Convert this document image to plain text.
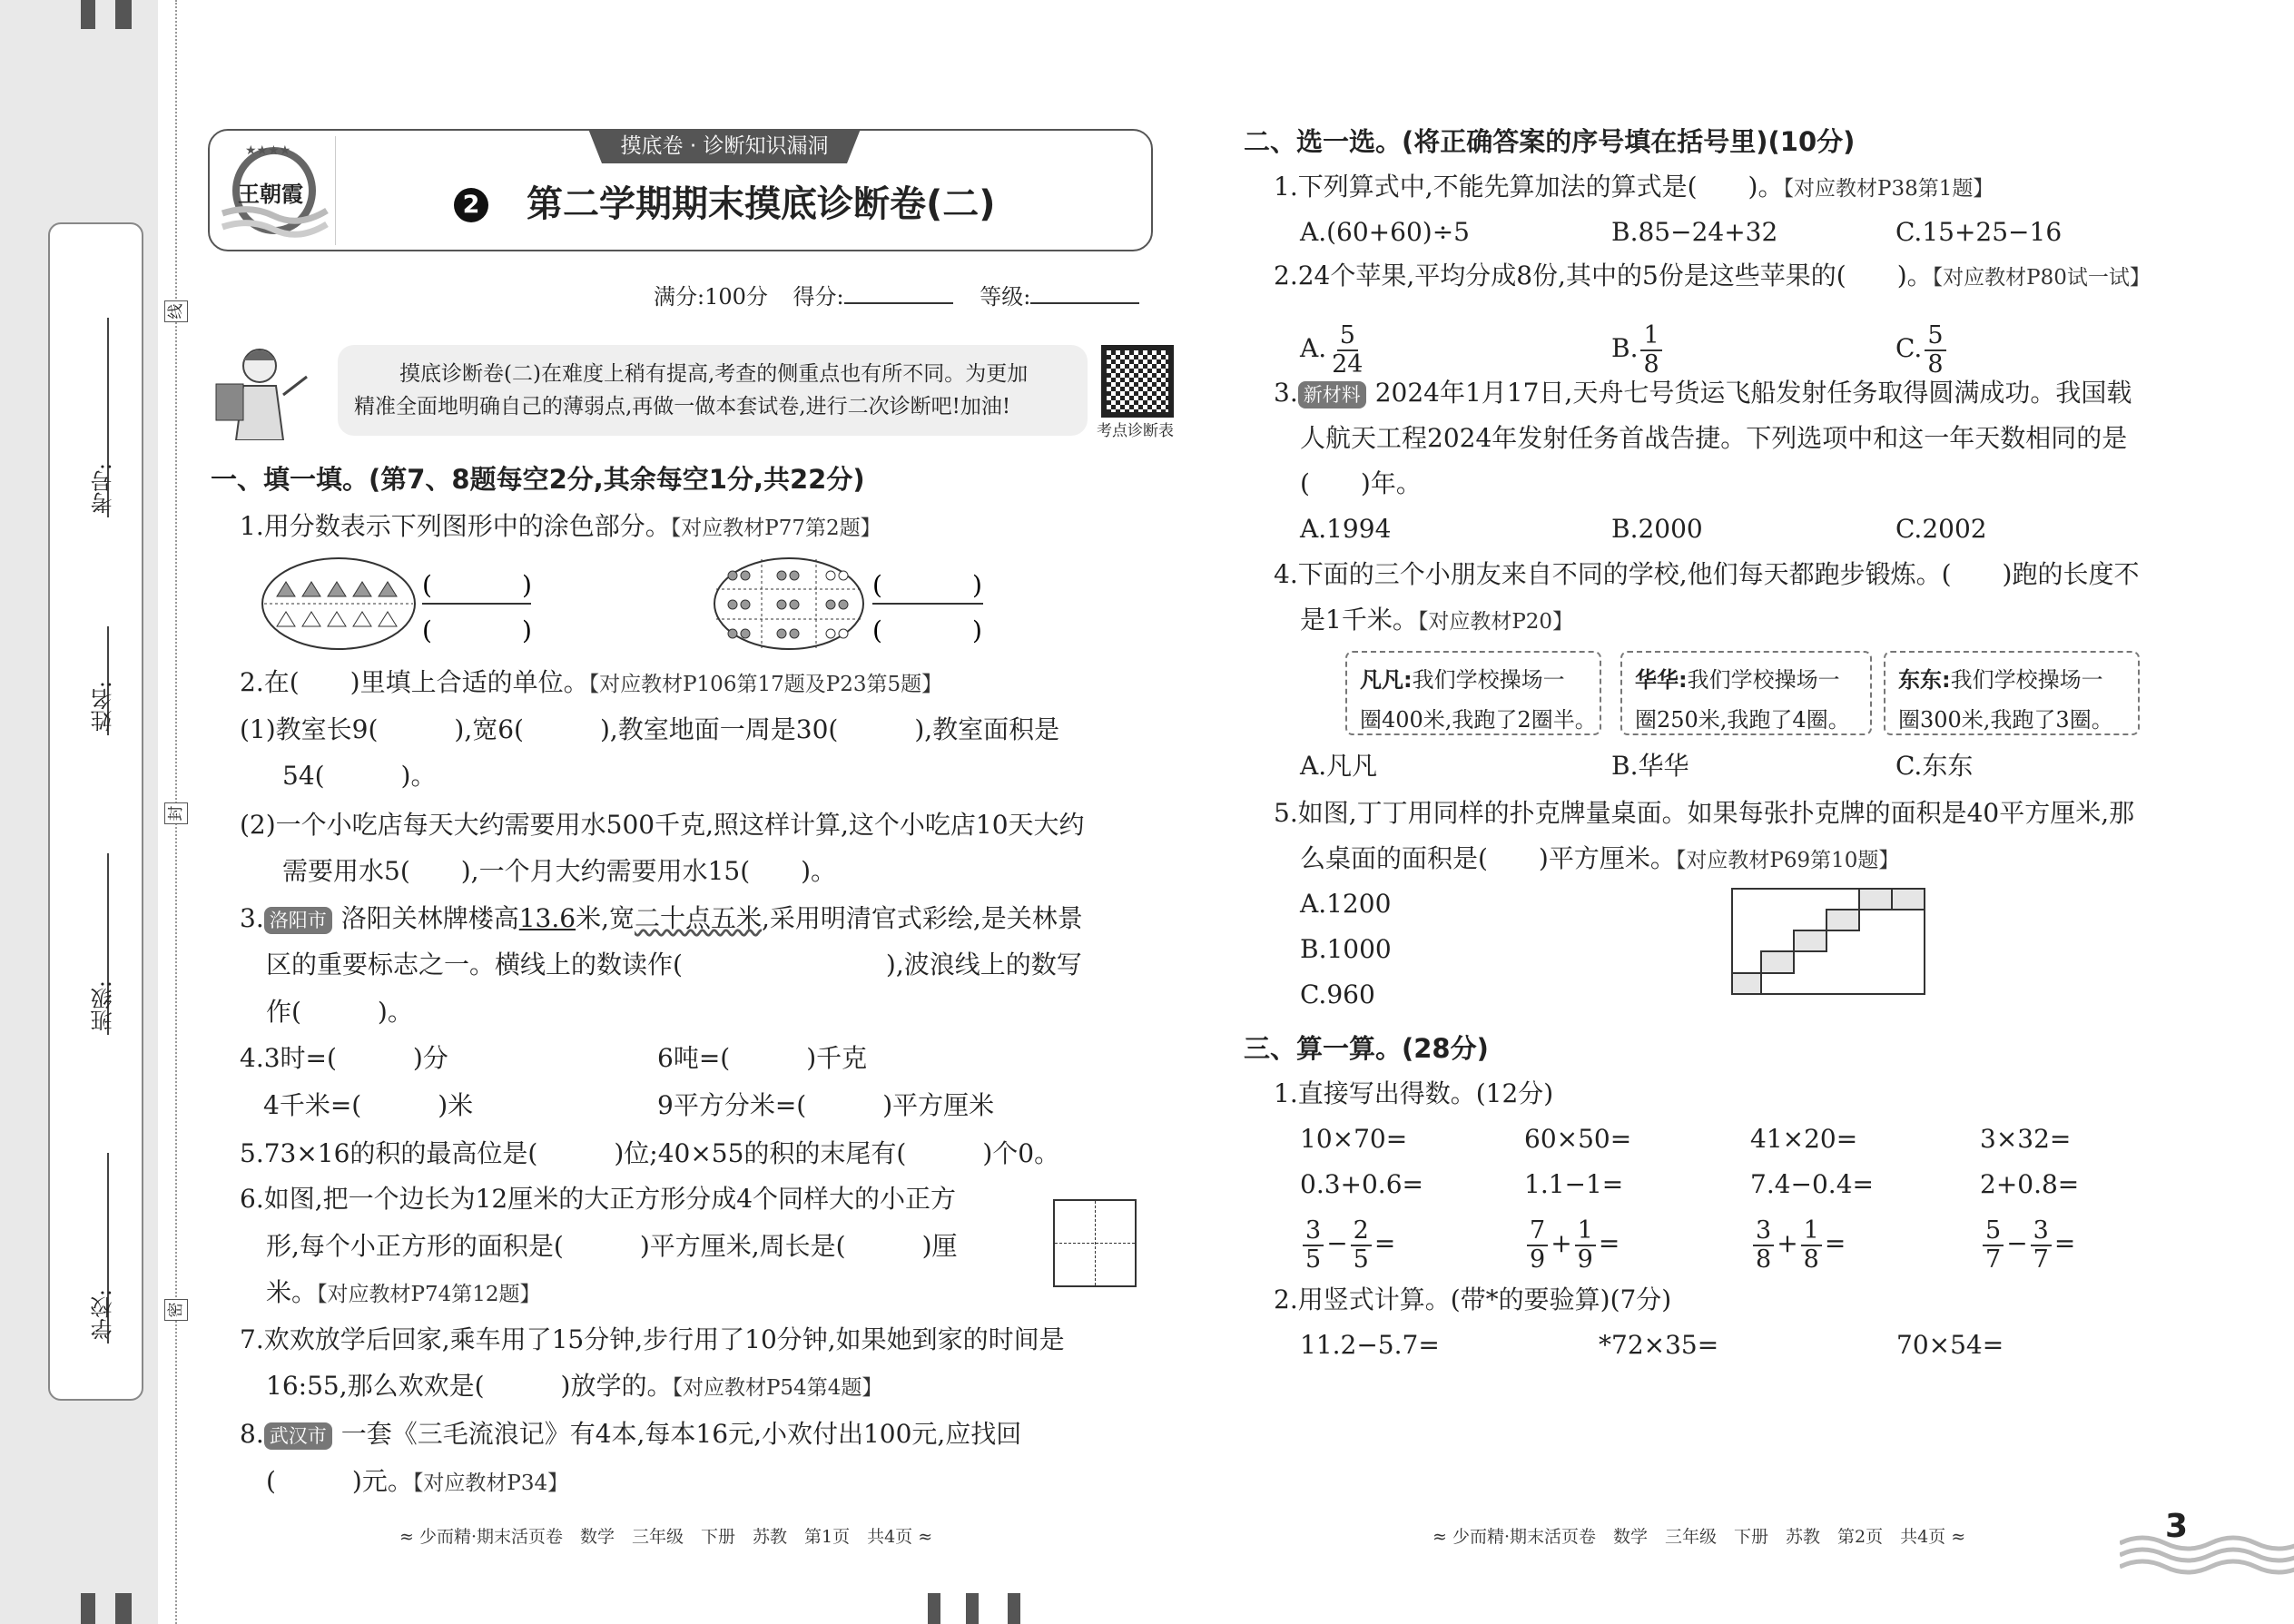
考号:
姓名:
班级:
学校:
线
封
密
★★★★
王朝霞
摸底卷 · 诊断知识漏洞
2 第二学期期末摸底诊断卷(二)
满分:100分 得分:	等级:
摸底诊断卷(二)在难度上稍有提高,考查的侧重点也有所不同。为更加
精准全面地明确自己的薄弱点,再做一做本套试卷,进行二次诊断吧!加油!
考点诊断表
一、填一填。(第7、8题每空2分,其余每空1分,共22分)
1.用分数表示下列图形中的涂色部分。【对应教材P77第2题】
(	)
(	)
(	)
(	)
2.在(　　)里填上合适的单位。【对应教材P106第17题及P23第5题】
(1)教室长9(　　　),宽6(　　　),教室地面一周是30(　　　),教室面积是
54(　　　)。
(2)一个小吃店每天大约需要用水500千克,照这样计算,这个小吃店10天大约
需要用水5(　　),一个月大约需要用水15(　　)。
3. 洛阳市 洛阳关林牌楼高13.6米,宽二十点五米,采用明清官式彩绘,是关林景
区的重要标志之一。横线上的数读作(　　　　　　　　),波浪线上的数写
作(　　　)。
4.3时=(　　　)分	6吨=(　　　)千克
4千米=(　　　)米	9平方分米=(　　　)平方厘米
5.73×16的积的最高位是(　　　)位;40×55的积的末尾有(　　　)个0。
6.如图,把一个边长为12厘米的大正方形分成4个同样大的小正方
形,每个小正方形的面积是(　　　)平方厘米,周长是(　　　)厘
米。【对应教材P74第12题】
7.欢欢放学后回家,乘车用了15分钟,步行用了10分钟,如果她到家的时间是
16:55,那么欢欢是(　　　)放学的。【对应教材P54第4题】
8. 武汉市 一套《三毛流浪记》有4本,每本16元,小欢付出100元,应找回
(　　　)元。【对应教材P34】
二、选一选。(将正确答案的序号填在括号里)(10分)
1.下列算式中,不能先算加法的算式是(　　)。【对应教材P38第1题】
A.(60+60)÷5	B.85−24+32	C.15+25−16
2.24个苹果,平均分成8份,其中的5份是这些苹果的(　　)。【对应教材P80试一试】
A. $\frac{5}{24}$	B. $\frac{1}{8}$	C. $\frac{5}{8}$
3. 新材料 2024年1月17日,天舟七号货运飞船发射任务取得圆满成功。我国载
人航天工程2024年发射任务首战告捷。下列选项中和这一年天数相同的是
(　　)年。
A.1994	B.2000	C.2002
4.下面的三个小朋友来自不同的学校,他们每天都跑步锻炼。(　　)跑的长度不
是1千米。【对应教材P20】
凡凡:我们学校操场一
圈400米,我跑了2圈半。
华华:我们学校操场一
圈250米,我跑了4圈。
东东:我们学校操场一
圈300米,我跑了3圈。
A.凡凡	B.华华	C.东东
5.如图,丁丁用同样的扑克牌量桌面。如果每张扑克牌的面积是40平方厘米,那
么桌面的面积是(　　)平方厘米。【对应教材P69第10题】
A.1200
B.1000
C.960
三、算一算。(28分)
1.直接写出得数。(12分)
10×70=	60×50=	41×20=	3×32=
0.3+0.6=	1.1−1=	7.4−0.4=	2+0.8=
$\frac{3}{5} - \frac{2}{5}$ =	$\frac{7}{9} + \frac{1}{9}$ =	$\frac{3}{8} + \frac{1}{8}$ =	$\frac{5}{7} - \frac{3}{7}$ =
2.用竖式计算。(带*的要验算)(7分)
11.2−5.7=	*72×35=	70×54=
≈ 少而精·期末活页卷　数学　三年级　下册　苏教　第1页　共4页 ≈	≈ 少而精·期末活页卷　数学　三年级　下册　苏教　第2页　共4页 ≈	3
